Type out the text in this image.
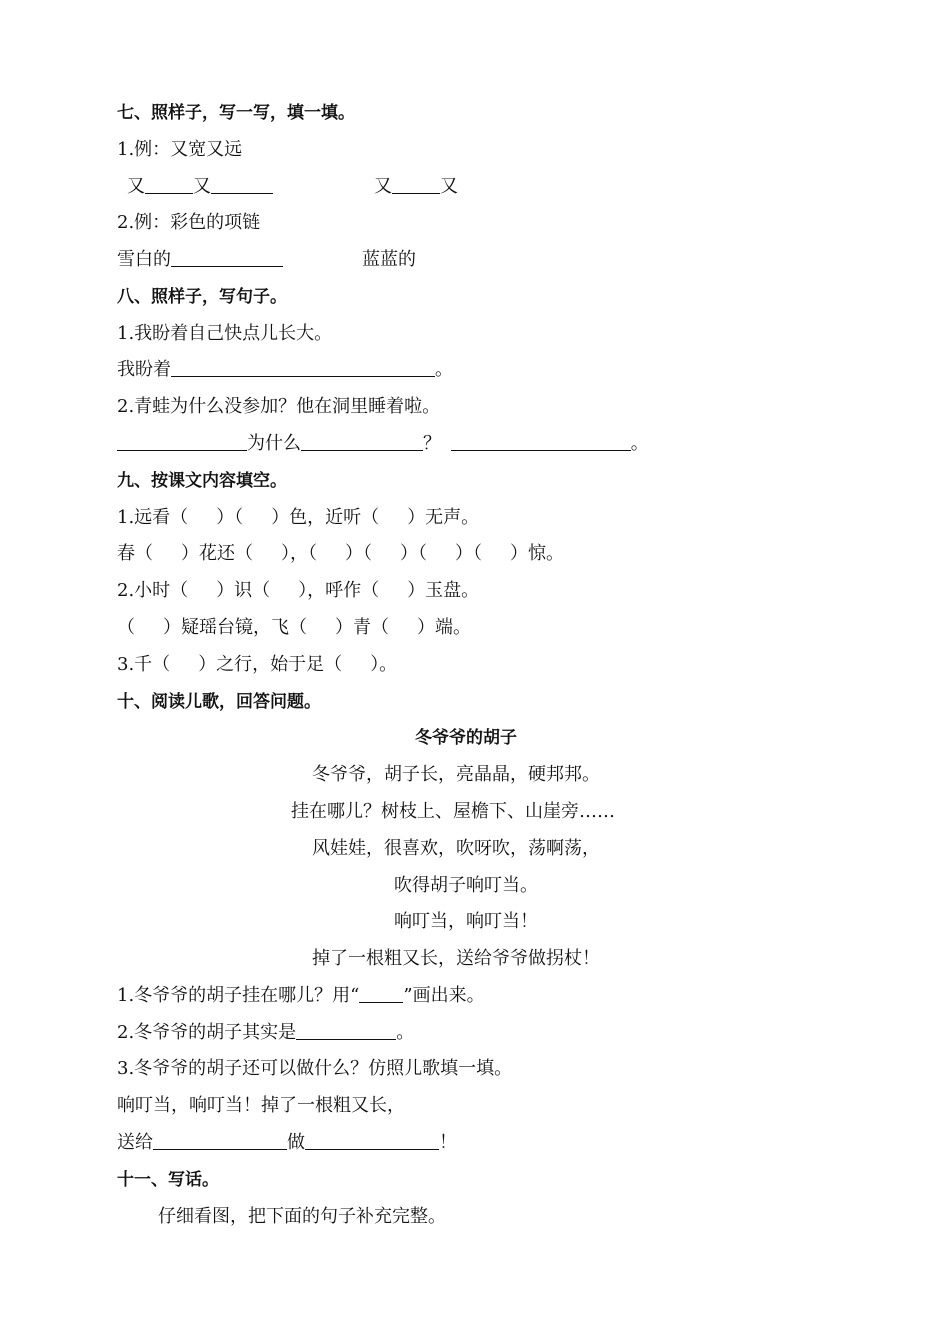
七、照样子，写一写，填一填。
1.例：又宽又远
又	又	又	又
2.例：彩色的项链
雪白的	蓝蓝的
八、照样子，写句子。
1.我盼着自己快点儿长大。
我盼着	。
2.青蛙为什么没参加？他在洞里睡着啦。
为什么	？	。
九、按课文内容填空。
1.远看（ ）（ ）色，近听（ ）无声。
春（ ）花还（ ），（ ）（ ）（ ）（ ）惊。
2.小时（ ）识（ ），呼作（ ）玉盘。
（ ）疑瑶台镜，飞（ ）青（ ）端。
3.千（ ）之行，始于足（ ）。
十、阅读儿歌，回答问题。
冬爷爷的胡子
冬爷爷，胡子长，亮晶晶，硬邦邦。
挂在哪儿？树枝上、屋檐下、山崖旁……
风娃娃，很喜欢，吹呀吹，荡啊荡，
吹得胡子响叮当。
响叮当，响叮当！
掉了一根粗又长，送给爷爷做拐杖！
1.冬爷爷的胡子挂在哪儿？用“ ”画出来。
2.冬爷爷的胡子其实是	。
3.冬爷爷的胡子还可以做什么？仿照儿歌填一填。
响叮当，响叮当！掉了一根粗又长，
送给	做	！
十一、写话。
仔细看图，把下面的句子补充完整。
